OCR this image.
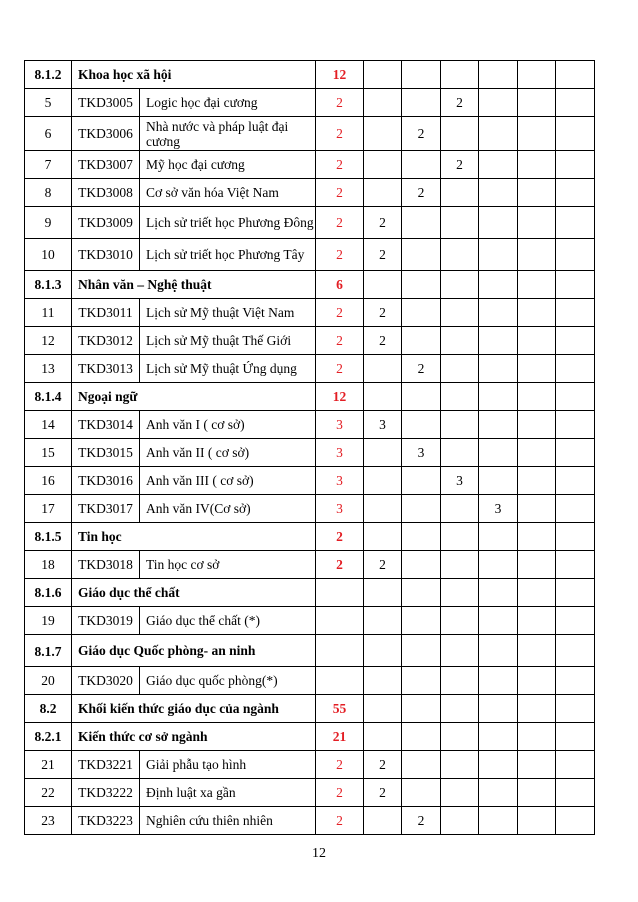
8.1.2	Khoa học xã hội		12						
5	TKD3005	Logic học đại cương	2			2			
6	TKD3006	Nhà nước và pháp luật đại cương	2		2				
7	TKD3007	Mỹ học đại cương	2			2			
8	TKD3008	Cơ sở văn hóa Việt Nam	2		2				
9	TKD3009	Lịch sử triết học Phương Đông	2	2					
10	TKD3010	Lịch sử triết học Phương Tây	2	2					
8.1.3	Nhân văn – Nghệ thuật		6						
11	TKD3011	Lịch sử Mỹ thuật Việt Nam	2	2					
12	TKD3012	Lịch sử Mỹ thuật Thế Giới	2	2					
13	TKD3013	Lịch sử Mỹ thuật Ứng dụng	2		2				
8.1.4	Ngoại ngữ		12						
14	TKD3014	Anh văn I ( cơ sở)	3	3					
15	TKD3015	Anh văn II ( cơ sở)	3		3				
16	TKD3016	Anh văn III ( cơ sở)	3			3			
17	TKD3017	Anh văn IV(Cơ sở)	3				3		
8.1.5	Tin học		2						
18	TKD3018	Tin học cơ sở	2	2					
8.1.6	Giáo dục thể chất								
19	TKD3019	Giáo dục thể chất (*)							
8.1.7	Giáo dục Quốc phòng- an ninh								
20	TKD3020	Giáo dục quốc phòng(*)							
8.2	Khối kiến thức giáo dục của ngành		55						
8.2.1	Kiến thức cơ sở ngành		21						
21	TKD3221	Giải phẫu tạo hình	2	2					
22	TKD3222	Định luật xa gần	2	2					
23	TKD3223	Nghiên cứu thiên nhiên	2		2				
12
